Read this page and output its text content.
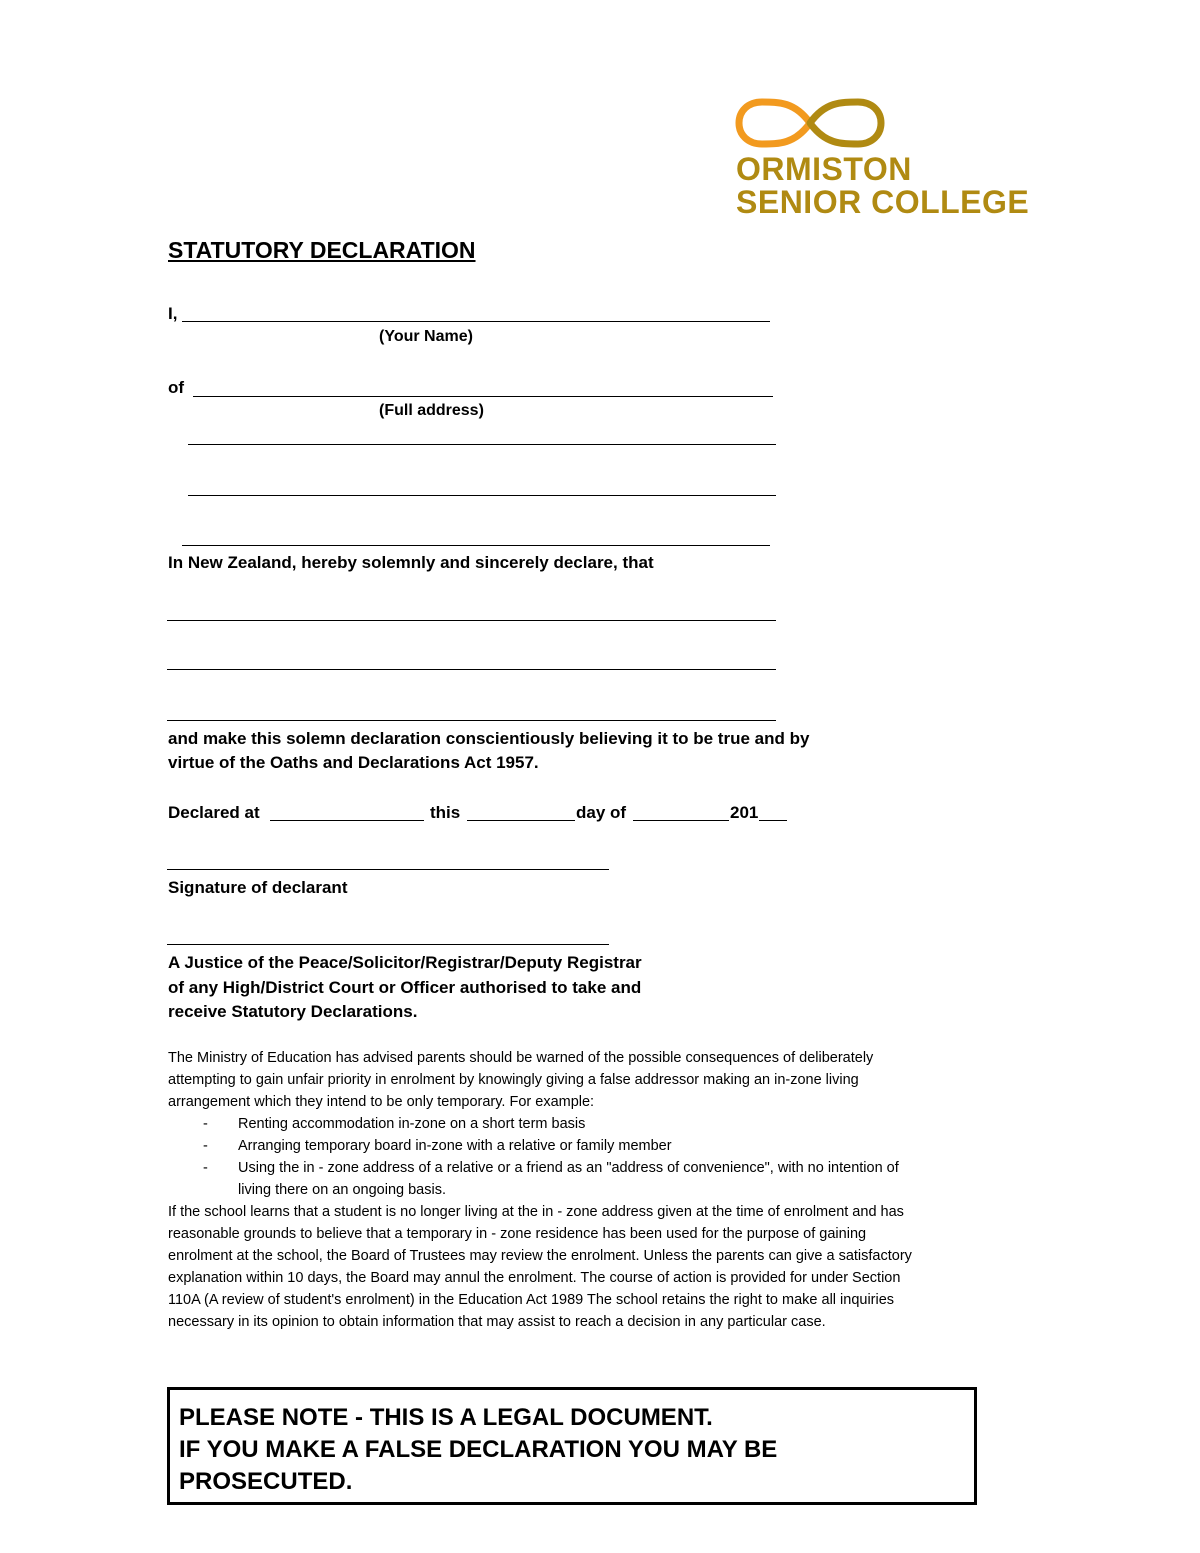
ORMISTON
SENIOR COLLEGE
STATUTORY DECLARATION
I,
(Your Name)
of
(Full address)
In New Zealand, hereby solemnly and sincerely declare, that
and make this solemn declaration conscientiously believing it to be true and by
virtue of the Oaths and Declarations Act 1957.
Declared at	this	day of	201
Signature of declarant
A Justice of the Peace/Solicitor/Registrar/Deputy Registrar
of any High/District Court or Officer authorised to take and
receive Statutory Declarations.
The Ministry of Education has advised parents should be warned of the possible consequences of deliberately
attempting to gain unfair priority in enrolment by knowingly giving a false addressor making an in-zone living
arrangement which they intend to be only temporary. For example:
- Renting accommodation in-zone on a short term basis
- Arranging temporary board in-zone with a relative or family member
- Using the in - zone address of a relative or a friend as an "address of convenience", with no intention of
living there on an ongoing basis.
If the school learns that a student is no longer living at the in - zone address given at the time of enrolment and has
reasonable grounds to believe that a temporary in - zone residence has been used for the purpose of gaining
enrolment at the school, the Board of Trustees may review the enrolment. Unless the parents can give a satisfactory
explanation within 10 days, the Board may annul the enrolment. The course of action is provided for under Section
110A (A review of student's enrolment) in the Education Act 1989 The school retains the right to make all inquiries
necessary in its opinion to obtain information that may assist to reach a decision in any particular case.
PLEASE NOTE - THIS IS A LEGAL DOCUMENT.
IF YOU MAKE A FALSE DECLARATION YOU MAY BE
PROSECUTED.
